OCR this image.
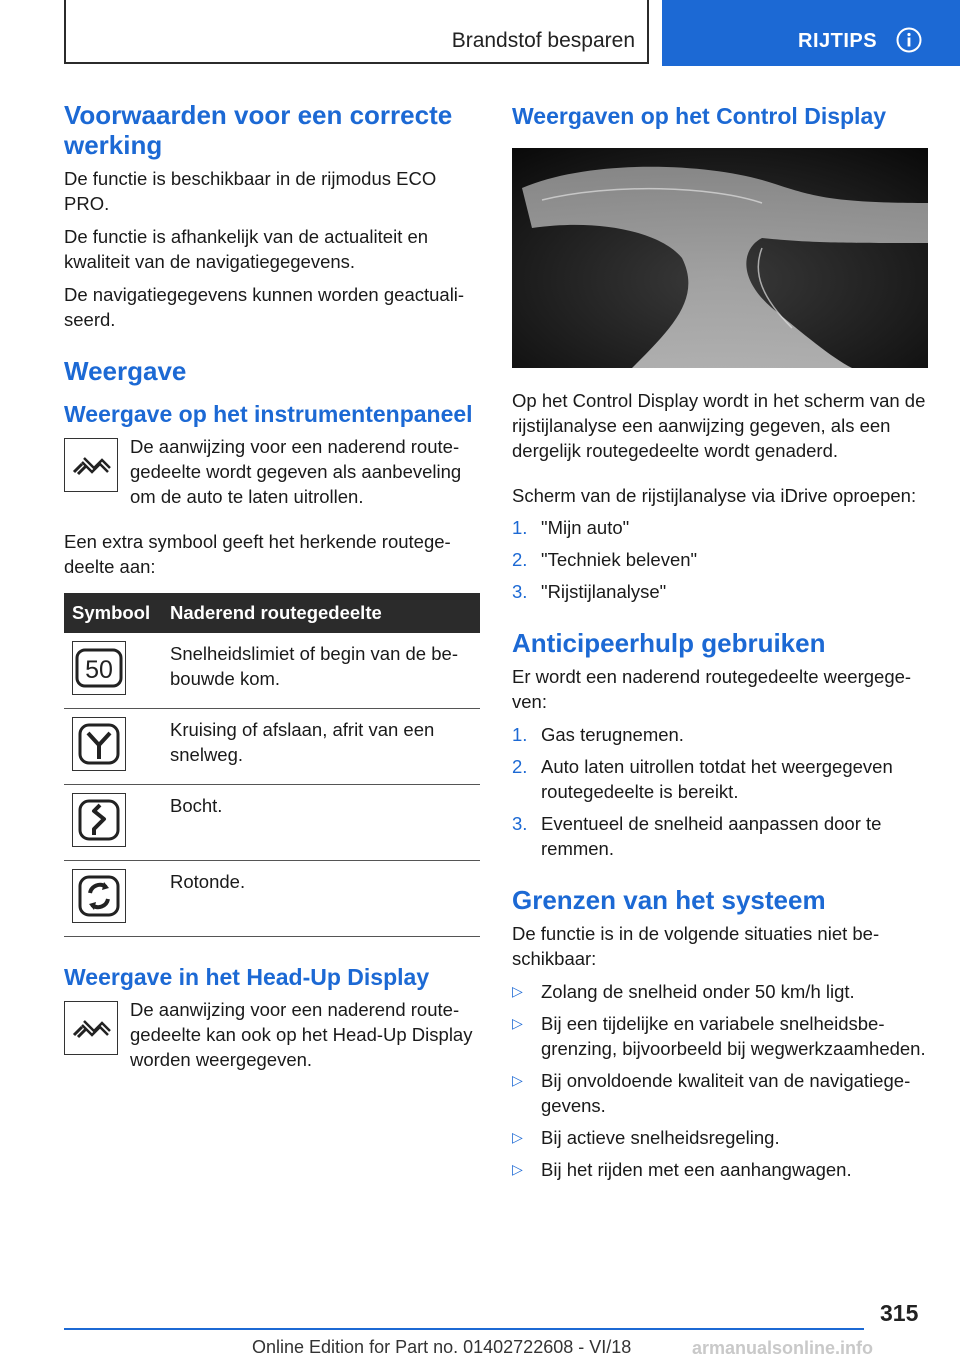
Brandstof besparen	RIJTIPS
Voorwaarden voor een correcte werking

De functie is beschikbaar in de rijmodus ECO PRO.

De functie is afhankelijk van de actualiteit en kwaliteit van de navigatiegegevens.

De navigatiegegevens kunnen worden geactualiseerd.

Weergave
Weergave op het instrumentenpaneel

De aanwijzing voor een naderend routegedeelte wordt gegeven als aanbeveling om de auto te laten uitrollen.

Een extra symbool geeft het herkende routegedeelte aan:

Symbool	Naderend routegedeelte

50	Snelheidslimiet of begin van de bebouwde kom.

	Kruising of afslaan, afrit van een snelweg.

	Bocht.

	Rotonde.
Weergave in het Head-Up Display

De aanwijzing voor een naderend routegedeelte kan ook op het Head-Up Display worden weergegeven.

Weergaven op het Control Display

Op het Control Display wordt in het scherm van de rijstijlanalyse een aanwijzing gegeven, als een dergelijk routegedeelte wordt genaderd.

Scherm van de rijstijlanalyse via iDrive oproepen:

1. "Mijn auto"
2. "Techniek beleven"
3. "Rijstijlanalyse"
Anticipeerhulp gebruiken

Er wordt een naderend routegedeelte weergegeven:

1. Gas terugnemen.
2. Auto laten uitrollen totdat het weergegeven routegedeelte is bereikt.
3. Eventueel de snelheid aanpassen door te remmen.
Grenzen van het systeem

De functie is in de volgende situaties niet beschikbaar:

▷ Zolang de snelheid onder 50 km/h ligt.
▷ Bij een tijdelijke en variabele snelheidsbegrenzing, bijvoorbeeld bij wegwerkzaamheden.
▷ Bij onvoldoende kwaliteit van de navigatiegegevens.
▷ Bij actieve snelheidsregeling.
▷ Bij het rijden met een aanhangwagen.
315
Online Edition for Part no. 01402722608 - VI/18	armanualsonline.info
